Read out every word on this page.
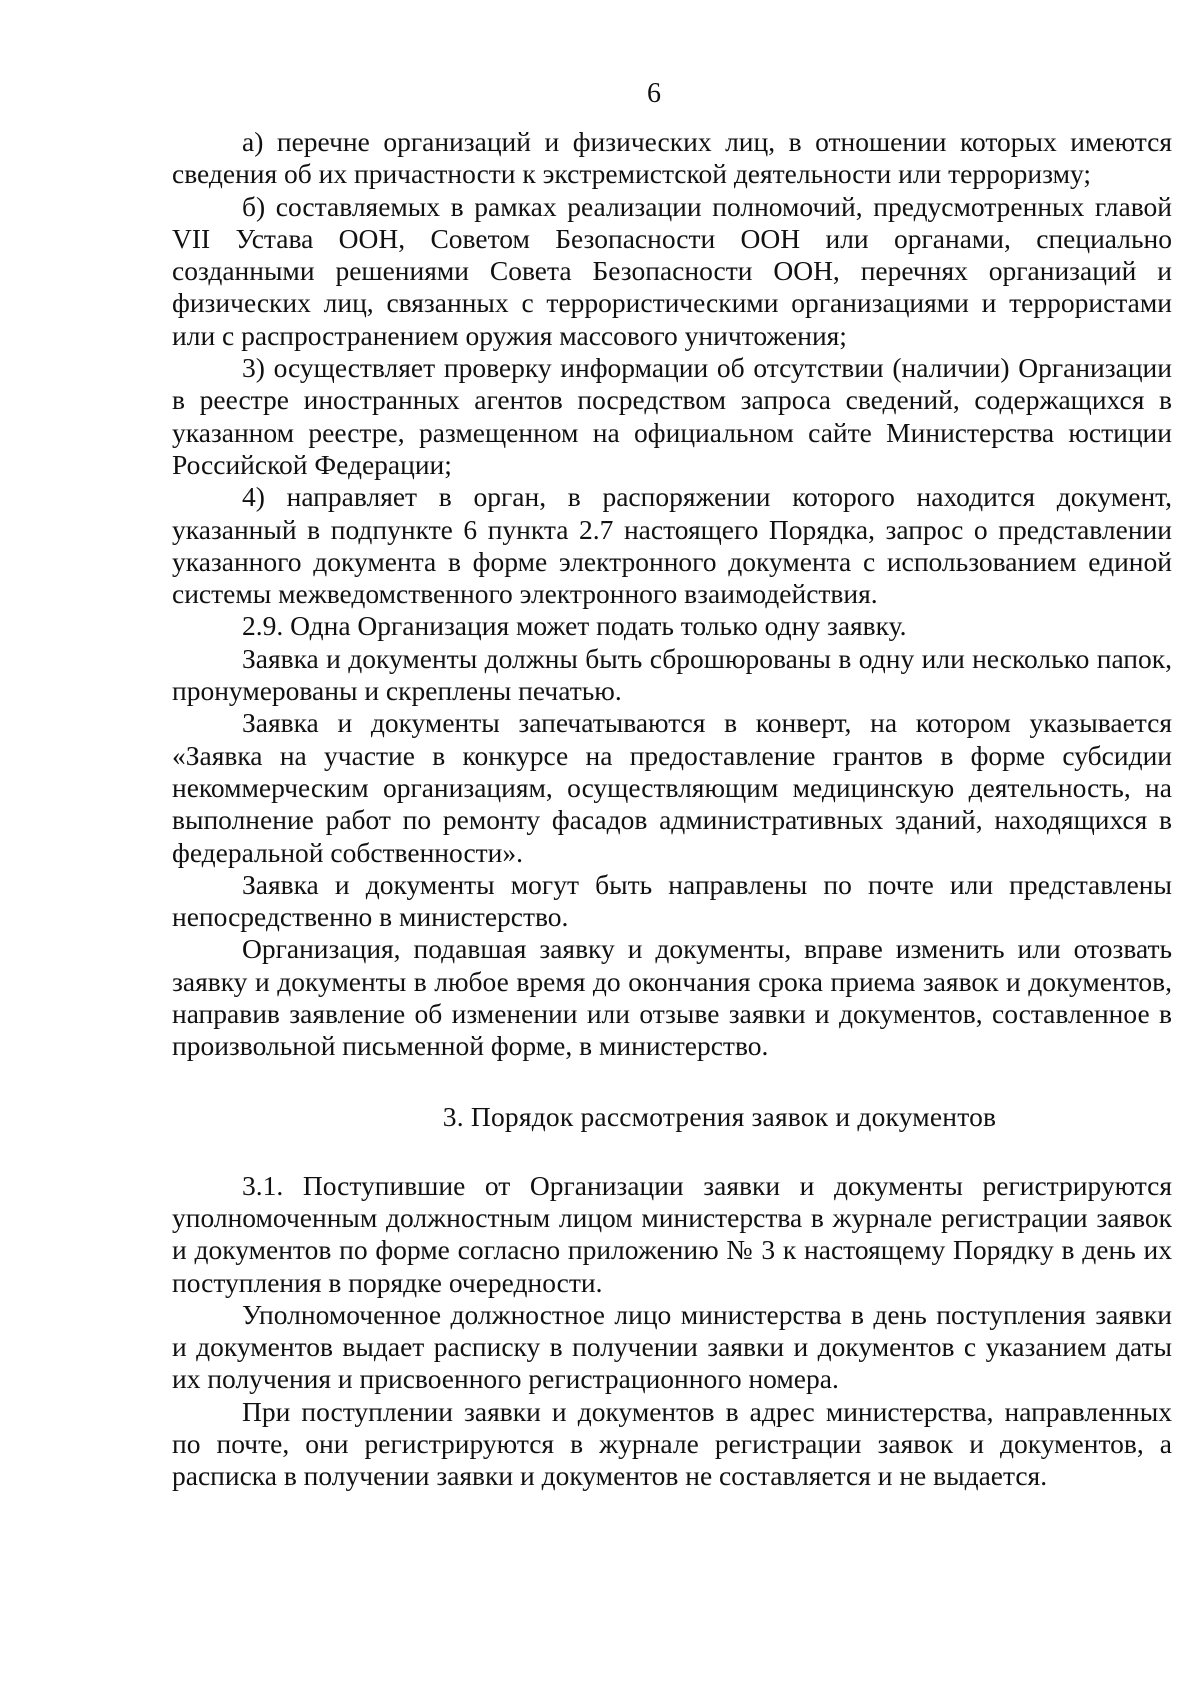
6

а) перечне организаций и физических лиц, в отношении которых имеются сведения об их причастности к экстремистской деятельности или терроризму;

б) составляемых в рамках реализации полномочий, предусмотренных главой VII Устава ООН, Советом Безопасности ООН или органами, специально созданными решениями Совета Безопасности ООН, перечнях организаций и физических лиц, связанных с террористическими организациями и террористами или с распространением оружия массового уничтожения;

3) осуществляет проверку информации об отсутствии (наличии) Организации в реестре иностранных агентов посредством запроса сведений, содержащихся в указанном реестре, размещенном на официальном сайте Министерства юстиции Российской Федерации;

4) направляет в орган, в распоряжении которого находится документ, указанный в подпункте 6 пункта 2.7 настоящего Порядка, запрос о представлении указанного документа в форме электронного документа с использованием единой системы межведомственного электронного взаимодействия.

2.9. Одна Организация может подать только одну заявку.

Заявка и документы должны быть сброшюрованы в одну или несколько папок, пронумерованы и скреплены печатью.

Заявка и документы запечатываются в конверт, на котором указывается «Заявка на участие в конкурсе на предоставление грантов в форме субсидии некоммерческим организациям, осуществляющим медицинскую деятельность, на выполнение работ по ремонту фасадов административных зданий, находящихся в федеральной собственности».

Заявка и документы могут быть направлены по почте или представлены непосредственно в министерство.

Организация, подавшая заявку и документы, вправе изменить или отозвать заявку и документы в любое время до окончания срока приема заявок и документов, направив заявление об изменении или отзыве заявки и документов, составленное в произвольной письменной форме, в министерство.

3. Порядок рассмотрения заявок и документов

3.1. Поступившие от Организации заявки и документы регистрируются уполномоченным должностным лицом министерства в журнале регистрации заявок и документов по форме согласно приложению № 3 к настоящему Порядку в день их поступления в порядке очередности.

Уполномоченное должностное лицо министерства в день поступления заявки и документов выдает расписку в получении заявки и документов с указанием даты их получения и присвоенного регистрационного номера.

При поступлении заявки и документов в адрес министерства, направленных по почте, они регистрируются в журнале регистрации заявок и документов, а расписка в получении заявки и документов не составляется и не выдается.
